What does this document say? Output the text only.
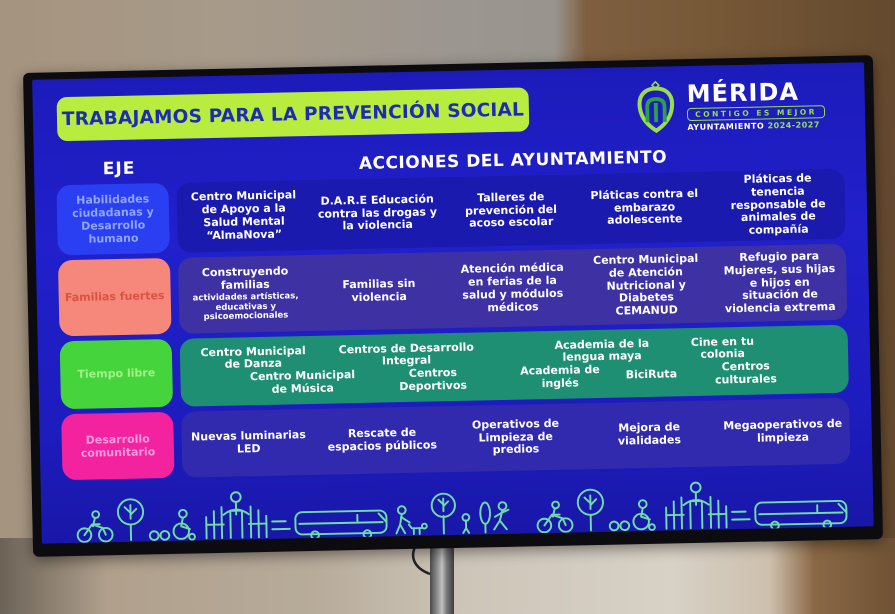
TRABAJAMOS PARA LA PREVENCIÓN SOCIAL
MÉRIDA
CONTIGO ES MEJOR
AYUNTAMIENTO 2024-2027
EJE	ACCIONES DEL AYUNTAMIENTO
Habilidades ciudadanas y Desarrollo humano
Centro Municipal de Apoyo a la Salud Mental “AlmaNova”
D.A.R.E Educación contra las drogas y la violencia
Talleres de prevención del acoso escolar
Pláticas contra el embarazo adolescente
Pláticas de tenencia responsable de animales de compañía
Familias fuertes
Construyendo familias
actividades artísticas, educativas y psicoemocionales
Familias sin violencia
Atención médica en ferias de la salud y módulos médicos
Centro Municipal de Atención Nutricional y Diabetes CEMANUD
Refugio para Mujeres, sus hijas e hijos en situación de violencia extrema
Tiempo libre
Centro Municipal de Danza
Centros de Desarrollo Integral
Academia de la lengua maya
Cine en tu colonia
Centro Municipal de Música
Centros Deportivos
Academia de inglés
BiciRuta
Centros culturales
Desarrollo comunitario
Nuevas luminarias LED
Rescate de espacios públicos
Operativos de Limpieza de predios
Mejora de vialidades
Megaoperativos de limpieza
